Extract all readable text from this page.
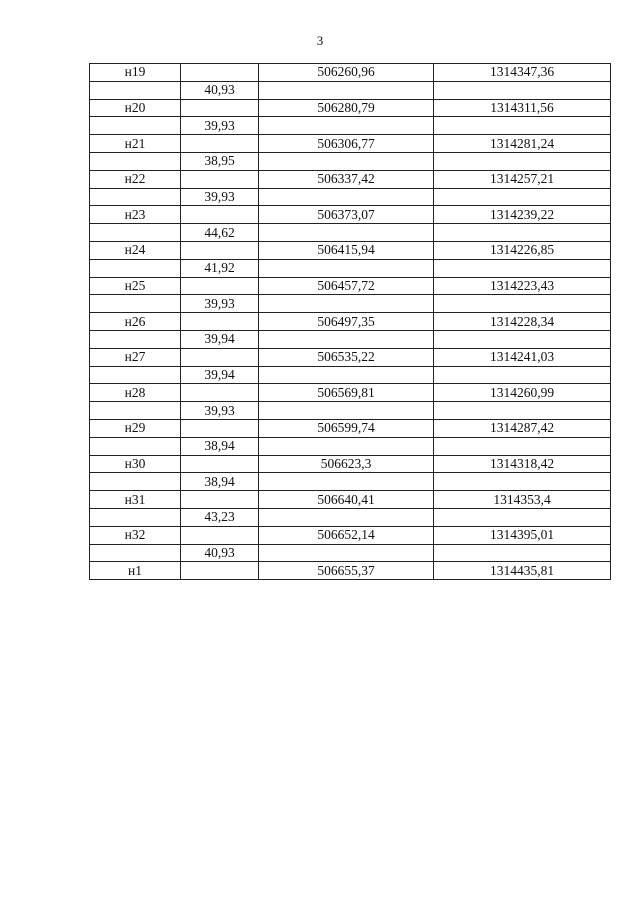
3
н19		506260,96	1314347,36
	40,93		
н20		506280,79	1314311,56
	39,93		
н21		506306,77	1314281,24
	38,95		
н22		506337,42	1314257,21
	39,93		
н23		506373,07	1314239,22
	44,62		
н24		506415,94	1314226,85
	41,92		
н25		506457,72	1314223,43
	39,93		
н26		506497,35	1314228,34
	39,94		
н27		506535,22	1314241,03
	39,94		
н28		506569,81	1314260,99
	39,93		
н29		506599,74	1314287,42
	38,94		
н30		506623,3	1314318,42
	38,94		
н31		506640,41	1314353,4
	43,23		
н32		506652,14	1314395,01
	40,93		
н1		506655,37	1314435,81
